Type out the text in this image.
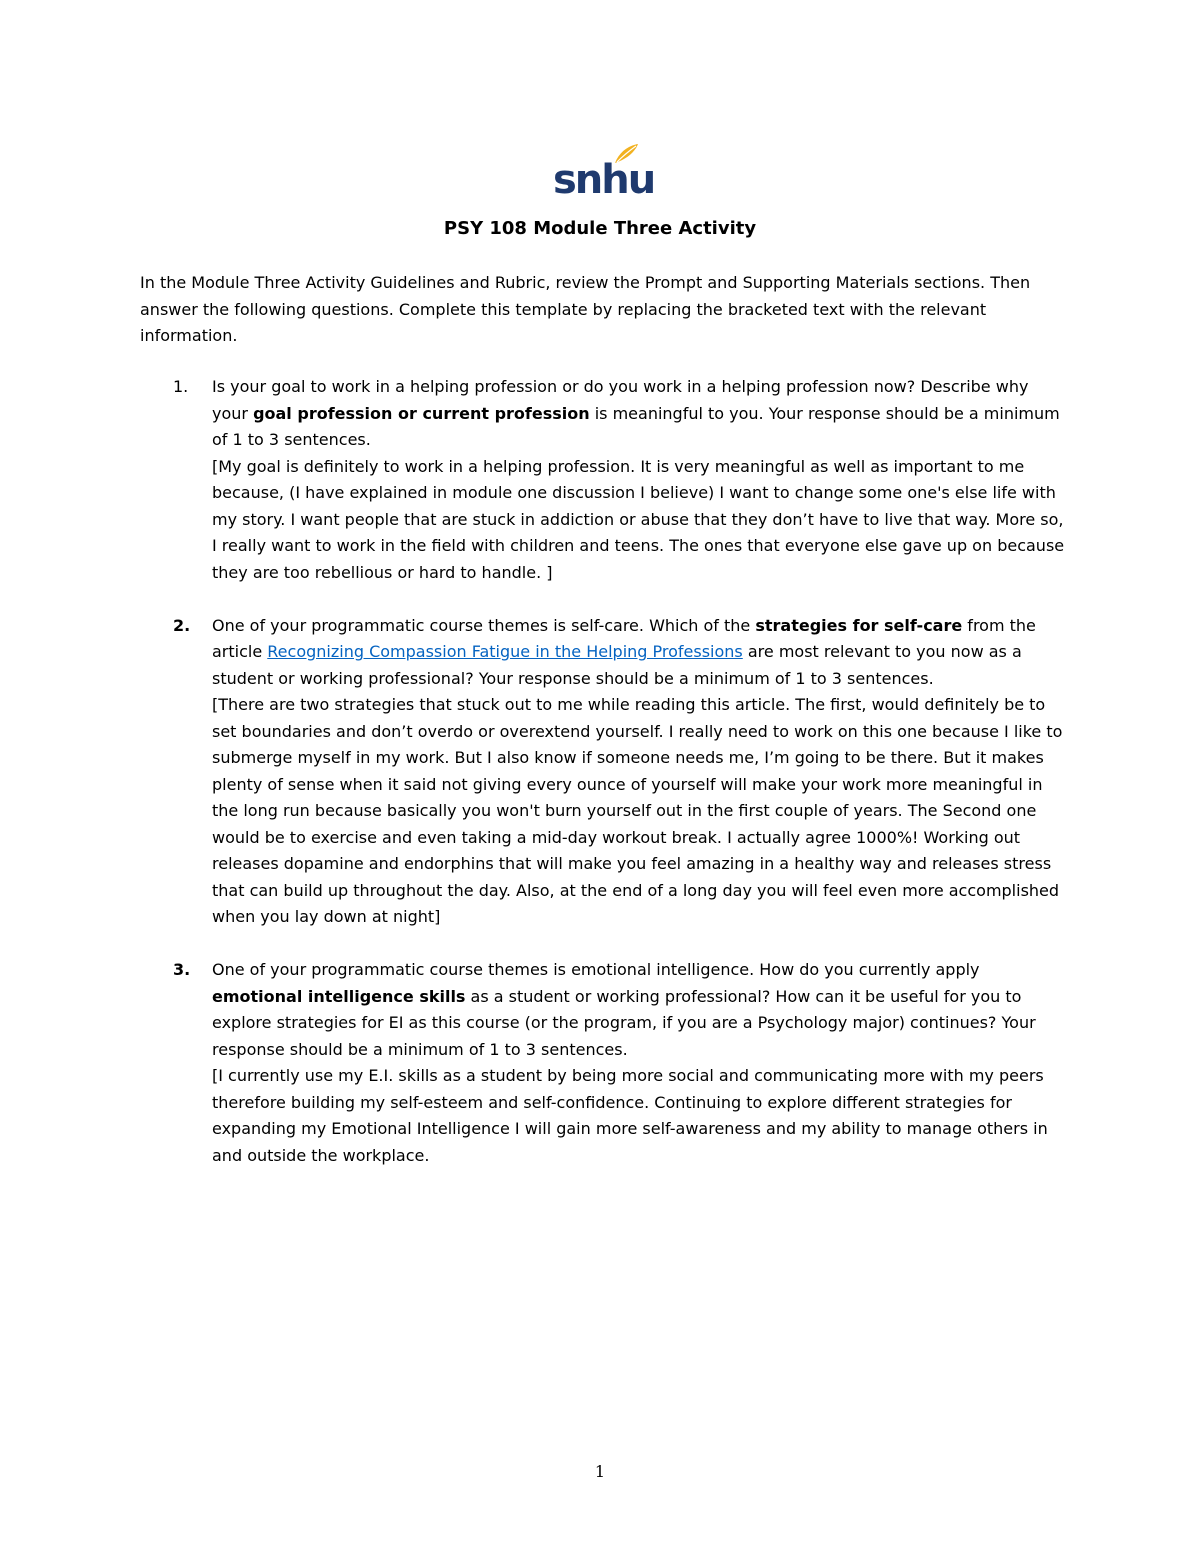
snhu
PSY 108 Module Three Activity

In the Module Three Activity Guidelines and Rubric, review the Prompt and Supporting Materials sections. Then answer the following questions. Complete this template by replacing the bracketed text with the relevant information.

1. Is your goal to work in a helping profession or do you work in a helping profession now? Describe why your goal profession or current profession is meaningful to you. Your response should be a minimum of 1 to 3 sentences.
[My goal is definitely to work in a helping profession. It is very meaningful as well as important to me because, (I have explained in module one discussion I believe) I want to change some one's else life with my story. I want people that are stuck in addiction or abuse that they don’t have to live that way. More so, I really want to work in the field with children and teens. The ones that everyone else gave up on because they are too rebellious or hard to handle. ]
2. One of your programmatic course themes is self-care. Which of the strategies for self-care from the article Recognizing Compassion Fatigue in the Helping Professions are most relevant to you now as a student or working professional? Your response should be a minimum of 1 to 3 sentences.
[There are two strategies that stuck out to me while reading this article. The first, would definitely be to set boundaries and don’t overdo or overextend yourself. I really need to work on this one because I like to submerge myself in my work. But I also know if someone needs me, I’m going to be there. But it makes plenty of sense when it said not giving every ounce of yourself will make your work more meaningful in the long run because basically you won't burn yourself out in the first couple of years. The Second one would be to exercise and even taking a mid-day workout break. I actually agree 1000%! Working out releases dopamine and endorphins that will make you feel amazing in a healthy way and releases stress that can build up throughout the day. Also, at the end of a long day you will feel even more accomplished when you lay down at night]
3. One of your programmatic course themes is emotional intelligence. How do you currently apply emotional intelligence skills as a student or working professional? How can it be useful for you to explore strategies for EI as this course (or the program, if you are a Psychology major) continues? Your response should be a minimum of 1 to 3 sentences.
[I currently use my E.I. skills as a student by being more social and communicating more with my peers therefore building my self-esteem and self-confidence. Continuing to explore different strategies for expanding my Emotional Intelligence I will gain more self-awareness and my ability to manage others in and outside the workplace.
1
